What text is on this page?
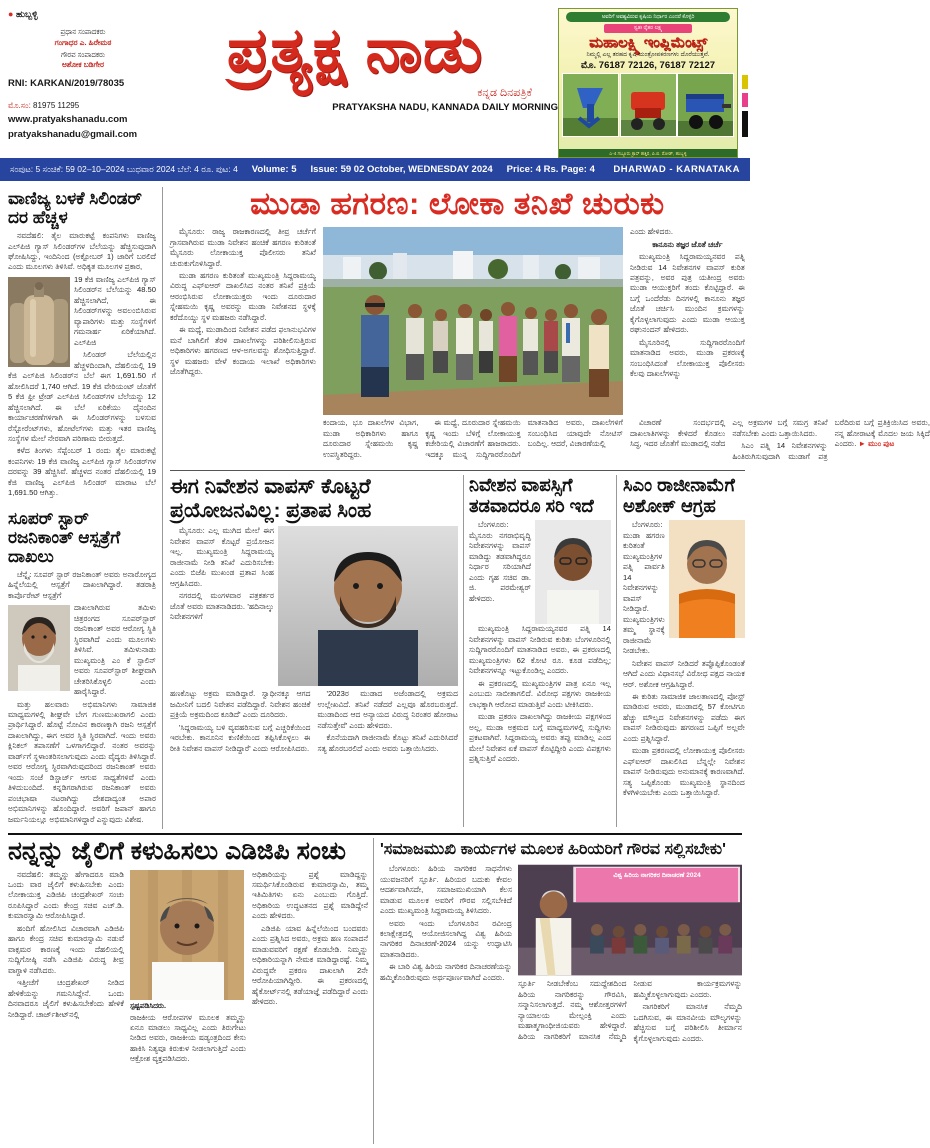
● ಹುಬ್ಬಳ್ಳಿ
ಪ್ರಧಾನ ಸಂಪಾದಕರು
ಗಂಗಾಧರ ಎ. ಹಿರೇಮಠ
ಗೌರವ ಸಂಪಾದಕರು
ಅಶೋಕ ಬಡಿಗೇರ
RNI: KARKAN/2019/78035
ಮೊ.ಸಂ: 81975 11295
www.pratyakshanadu.com
pratyakshanadu@gmail.com
ಪ್ರತ್ಯಕ್ಷ ನಾಡು
ಕನ್ನಡ ದಿನಪತ್ರಿಕೆ
PRATYAKSHA NADU, KANNADA DAILY MORNING
ಅವರಿಗೆ ಅವಶ್ಯವಿರುವ ಕೃಷಿಯ ನಿರ್ಧಾರ ಎಂದರೆ ಕೊಳ್ಳಿರಿ
ಸ್ವತಃ ರೈತರ ಲಕ್ಷ್ಯ
ಮಹಾಲಕ್ಷ್ಮಿ ಇಂಪ್ಲಿಮೆಂಟ್ಸ್
ನಿಮ್ಮಲ್ಲಿ ಎಲ್ಲ ತರಹದ ಕೃಷಿ ಯಂತ್ರೋಪಕರಣಗಳು ದೊರೆಯುತ್ತವೆ.
ಮೊ. 76187 72126, 76187 72127
ಎ-4 ಗಬ್ಬೂರು ಕ್ರಾಸ್ ಹತ್ತಿರ, ಪಿ.ಬಿ. ರೋಡ್, ಹುಬ್ಬಳ್ಳಿ
ಸಂಪುಟ: 5 ಸಂಚಿಕೆ: 59 02–10–2024 ಬುಧವಾರ 2024 ಬೆಲೆ: 4 ರೂ. ಪುಟ: 4 Volume: 5 Issue: 59 02 October, WEDNESDAY 2024 Price: 4 Rs. Page: 4 DHARWAD - KARNATAKA
ವಾಣಿಜ್ಯ ಬಳಕೆ ಸಿಲಿಂಡರ್ ದರ ಹೆಚ್ಚಳ

ನವದೆಹಲಿ: ತೈಲ ಮಾರುಕಟ್ಟೆ ಕಂಪನಿಗಳು ವಾಣಿಜ್ಯ ಎಲ್‌ಪಿಜಿ ಗ್ಯಾಸ್ ಸಿಲಿಂಡರ್‌ಗಳ ಬೆಲೆಯನ್ನು ಹೆಚ್ಚಿಸುವುದಾಗಿ ಘೋಷಿಸಿದ್ದು, ಇಂದಿನಿಂದ (ಅಕ್ಟೋಬರ್ 1) ಜಾರಿಗೆ ಬರಲಿದೆ ಎಂದು ಮೂಲಗಳು ತಿಳಿಸಿವೆ. ಅಧಿಕೃತ ಮೂಲಗಳ ಪ್ರಕಾರ,

19 ಕೆಜಿ ವಾಣಿಜ್ಯ ಎಲ್‌ಪಿಜಿ ಗ್ಯಾಸ್ ಸಿಲಿಂಡರ್‌ನ ಬೆಲೆಯನ್ನು 48.50 ಹೆಚ್ಚಿಸಲಾಗಿದೆ, ಈ ಸಿಲಿಂಡರ್‌ಗಳನ್ನು ಅವಲಂಬಿಸಿರುವ ವ್ಯಾಪಾರಿಗಳು ಮತ್ತು ಸಂಸ್ಥೆಗಳಿಗೆ ಗಮನಾರ್ಹ ಏರಿಕೆಯಾಗಿದೆ. ಎಲ್‌ಪಿಜಿ

ಸಿಲಿಂಡರ್ ಬೆಲೆಯಲ್ಲಿನ ಹೆಚ್ಚಳದಿಂದಾಗಿ, ದೆಹಲಿಯಲ್ಲಿ 19 ಕೆಜಿ ಎಲ್‌ಪಿಜಿ ಸಿಲಿಂಡರ್‌ನ ಬೆಲೆ ಈಗ 1,691.50 ಗೆ ಹೋಲಿಸಿದರೆ 1,740 ಆಗಿದೆ. 19 ಕೆಜಿ ವೇರಿಯಂಟ್ ಜೊತೆಗೆ 5 ಕೆಜಿ ಫ್ರೀ ಟ್ರೇಡ್ ಎಲ್‌ಪಿಜಿ ಸಿಲಿಂಡರ್‌ಗಳ ಬೆಲೆಯನ್ನು 12 ಹೆಚ್ಚಿಸಲಾಗಿದೆ. ಈ ಬೆಲೆ ಏರಿಕೆಯು ದೈನಂದಿನ ಕಾರ್ಯಾಚರಣೆಗಳಿಗಾಗಿ ಈ ಸಿಲಿಂಡರ್‌ಗಳನ್ನು ಬಳಸುವ ರೆಸ್ಟೋರೆಂಟ್‌ಗಳು, ಹೋಟೆಲ್‌ಗಳು ಮತ್ತು ಇತರ ವಾಣಿಜ್ಯ ಸಂಸ್ಥೆಗಳ ಮೇಲೆ ನೇರವಾಗಿ ಪರಿಣಾಮ ಬೀರುತ್ತದೆ.

ಕಳೆದ ತಿಂಗಳು ಸೆಪ್ಟೆಂಬರ್ 1 ರಂದು ತೈಲ ಮಾರುಕಟ್ಟೆ ಕಂಪನಿಗಳು 19 ಕೆಜಿ ವಾಣಿಜ್ಯ ಎಲ್‌ಪಿಜಿ ಗ್ಯಾಸ್ ಸಿಲಿಂಡರ್‌ಗಳ ದರವನ್ನು 39 ಹೆಚ್ಚಿಸಿವೆ. ಹೆಚ್ಚಳದ ನಂತರ ದೆಹಲಿಯಲ್ಲಿ 19 ಕೆಜಿ ವಾಣಿಜ್ಯ ಎಲ್‌ಪಿಜಿ ಸಿಲಿಂಡರ್ ಮಾರಾಟ ಬೆಲೆ 1,691.50 ಆಗಿತ್ತು.

ಸೂಪರ್ ಸ್ಟಾರ್ ರಜನಿಕಾಂತ್ ಆಸ್ಪತ್ರೆಗೆ ದಾಖಲು

ಚೆನ್ನೈ: ಸೂಪರ್ ಸ್ಟಾರ್ ರಜನಿಕಾಂತ್ ಅವರು ಅನಾರೋಗ್ಯದ ಹಿನ್ನೆಲೆಯಲ್ಲಿ ಆಸ್ಪತ್ರೆಗೆ ದಾಖಲಾಗಿದ್ದಾರೆ. ತಡರಾತ್ರಿ ಕಾರ್ಪೊರೇಟ್ ಆಸ್ಪತ್ರೆಗೆ

ದಾಖಲಾಗಿರುವ ತಮಿಳು ಚಿತ್ರರಂಗದ ಸೂಪರ್‌ಸ್ಟಾರ್ ರಜನಿಕಾಂತ್ ಅವರ ಆರೋಗ್ಯ ಸ್ಥಿತಿ ಸ್ಥಿರವಾಗಿದೆ ಎಂದು ಮೂಲಗಳು ತಿಳಿಸಿವೆ. ತಮಿಳುನಾಡು ಮುಖ್ಯಮಂತ್ರಿ ಎಂ ಕೆ ಸ್ಟಾಲಿನ್ ಅವರು ಸೂಪರ್‌ಸ್ಟಾರ್ ಶೀಘ್ರವಾಗಿ ಚೇತರಿಸಿಕೊಳ್ಳಲಿ ಎಂದು ಹಾರೈಸಿದ್ದಾರೆ.

ಮತ್ತು ಹಲವಾರು ಅಭಿಮಾನಿಗಳು ಸಾಮಾಜಿಕ ಮಾಧ್ಯಮಗಳಲ್ಲಿ ಶೀಘ್ರವೇ ಬೇಗ ಗುಣಮುಖರಾಗಲಿ ಎಂದು ಪ್ರಾರ್ಥಿಸಿದ್ದಾರೆ. ಹೊಟ್ಟೆ ನೋವಿನ ಕಾರಣಕ್ಕಾಗಿ ರಜನಿ ಆಸ್ಪತ್ರೆಗೆ ದಾಖಲಾಗಿದ್ದು, ಈಗ ಅವರ ಸ್ಥಿತಿ ಸ್ಥಿರವಾಗಿದೆ. ಇಂದು ಅವರು ಕ್ಲಿನಿಕಲ್ ತಪಾಸಣೆಗೆ ಒಳಗಾಗಲಿದ್ದಾರೆ. ನಂತರ ಅವರನ್ನು ವಾರ್ಡ್‌ಗೆ ಸ್ಥಳಾಂತರಿಸಲಾಗುವುದು ಎಂದು ವೈದ್ಯರು ತಿಳಿಸಿದ್ದಾರೆ. ಅವರ ಆರೋಗ್ಯ ಸ್ಥಿರವಾಗಿರುವುದರಿಂದ ರಜನಿಕಾಂತ್ ಅವರು ಇಂದು ಸಂಜೆ ಡಿಸ್ಚಾರ್ಜ್ ಆಗುವ ಸಾಧ್ಯತೆಗಳಿವೆ ಎಂದು ತಿಳಿದುಬಂದಿದೆ. ಕನ್ನಡಿಗರಾಗಿರುವ ರಜನಿಕಾಂತ್ ಅವರು ಪಂಚಭಾಷಾ ನಟರಾಗಿದ್ದು ದೇಶದಾದ್ಯಂತ ಅಪಾರ ಅಭಿಮಾನಿಗಳನ್ನು ಹೊಂದಿದ್ದಾರೆ. ಅವರಿಗೆ ಜಪಾನ್ ಹಾಗೂ ಜರ್ಮನಿಯಲ್ಲೂ ಅಭಿಮಾನಿಗಳಿದ್ದಾರೆ ಎನ್ನುವುದು ವಿಶೇಷ.

ಮುಡಾ ಹಗರಣ: ಲೋಕಾ ತನಿಖೆ ಚುರುಕು

ಮೈಸೂರು: ರಾಜ್ಯ ರಾಜಕಾರಣದಲ್ಲಿ ತೀವ್ರ ಚರ್ಚೆಗೆ ಗ್ರಾಸವಾಗಿರುವ ಮುಡಾ ನಿವೇಶನ ಹಂಚಿಕೆ ಹಗರಣ ಕುರಿತಂತೆ ಮೈಸೂರು ಲೋಕಾಯುಕ್ತ ಪೊಲೀಸರು ತನಿಖೆ ಚುರುಕುಗೊಳಿಸಿದ್ದಾರೆ.

ಮುಡಾ ಹಗರಣ ಕುರಿತಂತೆ ಮುಖ್ಯಮಂತ್ರಿ ಸಿದ್ದರಾಮಯ್ಯ ವಿರುದ್ಧ ಎಫ್‌ಐಆರ್ ದಾಖಲಿಸಿದ ನಂತರ ತನಿಖೆ ಪ್ರಕ್ರಿಯೆ ಆರಂಭಿಸಿರುವ ಲೋಕಾಯುಕ್ತರು ಇಂದು ದೂರುದಾರ ಸ್ನೇಹಮಯಿ ಕೃಷ್ಣ ಅವರನ್ನು ಮುಡಾ ನಿವೇಶನದ ಸ್ಥಳಕ್ಕೆ ಕರೆದೊಯ್ದು ಸ್ಥಳ ಮಹಜರು ನಡೆಸಿದ್ದಾರೆ.

ಈ ಮಧ್ಯೆ, ಮುಡಾದಿಂದ ನಿವೇಶನ ಪಡೆದ ಫಲಾನುಭವಿಗಳ ಮನೆ ಬಾಗಿಲಿಗೆ ತೆರಳಿ ದಾಖಲೆಗಳನ್ನು ಪರಿಶೀಲಿಸುತ್ತಿರುವ ಅಧಿಕಾರಿಗಳು ಹಗರಣದ ಆಳ-ಅಗಲವನ್ನು ಶೋಧಿಸುತ್ತಿದ್ದಾರೆ. ಸ್ಥಳ ಮಹಜರು ವೇಳೆ ಕಂದಾಯ ಇಲಾಖೆ ಅಧಿಕಾರಿಗಳು ಜೊತೆಗಿದ್ದರು.

ಕಂದಾಯ, ಭೂ ದಾಖಲೆಗಳ ವಿಭಾಗ, ಮುಡಾ ಅಧಿಕಾರಿಗಳು ಹಾಗೂ ದೂರುದಾರ ಸ್ನೇಹಮಯಿ ಕೃಷ್ಣ ಉಪಸ್ಥಿತರಿದ್ದರು.

ಈ ಮಧ್ಯೆ, ದೂರುದಾರ ಸ್ನೇಹಮಯಿ ಕೃಷ್ಣ ಇಂದು ಬೆಳಿಗ್ಗೆ ಲೋಕಾಯುಕ್ತ ಕಚೇರಿಯಲ್ಲಿ ವಿಚಾರಣೆಗೆ ಹಾಜರಾದರು. ಇದಕ್ಕೂ ಮುನ್ನ ಸುದ್ದಿಗಾರರೊಂದಿಗೆ ಮಾತನಾಡಿದ ಅವರು, ದಾಖಲೆಗಳಿಗೆ ಸಂಬಂಧಿಸಿದ ಯಾವುದೇ ನೋಟಿಸ್ ಬಂದಿಲ್ಲ. ಆದರೆ, ವಿಚಾರಣೆಯಲ್ಲಿ

ವಿಚಾರಣೆ ಸಂದರ್ಭದಲ್ಲಿ ದಾಖಲಾತಿಗಳನ್ನು ಕೇಳಿದರೆ ಕೊಡಲು ಸಿದ್ಧ, ಇದರ ಜೊತೆಗೆ ಮುಡಾದಲ್ಲಿ ನಡೆದ ಎಲ್ಲ ಅಕ್ರಮಗಳ ಬಗ್ಗೆ ಸಮಗ್ರ ತನಿಖೆ ನಡೆಸಬೇಕು ಎಂದು ಒತ್ತಾಯಿಸಿದರು.

ಸಿಎಂ ಪತ್ನಿ 14 ನಿವೇಶನಗಳನ್ನು ಹಿಂತಿರುಗಿಸುವುದಾಗಿ ಮುಡಾಗೆ ಪತ್ರ ಬರೆದಿರುವ ಬಗ್ಗೆ ಪ್ರತಿಕ್ರಿಯಿಸಿದ ಅವರು, ನನ್ನ ಹೋರಾಟಕ್ಕೆ ಮೊದಲ ಜಯ ಸಿಕ್ಕಿದೆ ಎಂದರು. ► ಮುಂ ಪುಟ

ಎಂದು ಹೇಳಿದರು.

ಕಾನೂನು ತಜ್ಞರ ಜೊತೆ ಚರ್ಚೆ

ಮುಖ್ಯಮಂತ್ರಿ ಸಿದ್ದರಾಮಯ್ಯನವರ ಪತ್ನಿ ನೀಡಿರುವ 14 ನಿವೇಶನಗಳ ವಾಪಸ್ ಕುರಿತ ಪತ್ರವನ್ನು, ಅವರ ಪುತ್ರ ಯತೀಂದ್ರ ಅವರು ಮುಡಾ ಆಯುಕ್ತರಿಗೆ ತಂದು ಕೊಟ್ಟಿದ್ದಾರೆ. ಈ ಬಗ್ಗೆ ಒಂದೆರೆಡು ದಿನಗಳಲ್ಲಿ ಕಾನೂನು ತಜ್ಞರ ಜೊತೆ ಚರ್ಚಿಸಿ ಮುಂದಿನ ಕ್ರಮಗಳನ್ನು ಕೈಗೊಳ್ಳಲಾಗುವುದು ಎಂದು ಮುಡಾ ಆಯುಕ್ತ ರಘುನಂದನ್ ಹೇಳಿದರು.

ಮೈಸೂರಿನಲ್ಲಿ ಸುದ್ದಿಗಾರರೊಂದಿಗೆ ಮಾತನಾಡಿದ ಅವರು, ಮುಡಾ ಪ್ರಕರಣಕ್ಕೆ ಸಂಬಂಧಿಸಿದಂತೆ ಲೋಕಾಯುಕ್ತ ಪೊಲೀಸರು ಕೆಲವು ದಾಖಲೆಗಳನ್ನು

ಈಗ ನಿವೇಶನ ವಾಪಸ್ ಕೊಟ್ಟರೆ ಪ್ರಯೋಜನವಿಲ್ಲ: ಪ್ರತಾಪ ಸಿಂಹ

ಮೈಸೂರು: ಎಲ್ಲ ಮುಗಿದ ಮೇಲೆ ಈಗ ನಿವೇಶನ ವಾಪಸ್ ಕೊಟ್ಟರೆ ಪ್ರಯೋಜನ ಇಲ್ಲ. ಮುಖ್ಯಮಂತ್ರಿ ಸಿದ್ದರಾಮಯ್ಯ ರಾಜೀನಾಮೆ ನೀಡಿ ತನಿಖೆ ಎದುರಿಸಬೇಕು ಎಂದು ಬಿಜೆಪಿ ಮುಖಂಡ ಪ್ರತಾಪ ಸಿಂಹ ಆಗ್ರಹಿಸಿದರು.

ನಗರದಲ್ಲಿ ಮಂಗಳವಾರ ಪತ್ರಕರ್ತರ ಜೊತೆ ಅವರು ಮಾತನಾಡಿದರು. 'ಹದಿನಾಲ್ಕು ನಿವೇಶನಗಳಿಗೆ

ಹಣಕೊಟ್ಟು ಅಕ್ರಮ ಮಾಡಿದ್ದಾರೆ. ಸ್ವಾಧೀನಕ್ಕೂ ಆಗದ ಜಮೀನಿಗೆ ಬದಲಿ ನಿವೇಶನ ಪಡೆದಿದ್ದಾರೆ. ನಿವೇಶನ ಹಂಚಿಕೆ ಪ್ರಕ್ರಿಯೆ ಅಕ್ರಮದಿಂದ ಕೂಡಿದೆ' ಎಂದು ದೂರಿದರು.

'ಸಿದ್ದರಾಮಯ್ಯ ಬಳಿ ವ್ಯವಹರಿಸುವ ಬಗ್ಗೆ ಎಚ್ಚರಿಕೆಯಿಂದ ಇರಬೇಕು. ಕಾನೂನಿನ ಕುಣಿಕೆಯಿಂದ ತಪ್ಪಿಸಿಕೊಳ್ಳಲು ಈ ರೀತಿ ನಿವೇಶನ ವಾಪಸ್ ನೀಡಿದ್ದಾರೆ' ಎಂದು ಆರೋಪಿಸಿದರು.

'2023ರ ಮುಡಾದ ಅಜೆಂಡಾದಲ್ಲಿ ಅಕ್ರಮದ ಉಲ್ಲೇಖವಿದೆ. ತನಿಖೆ ನಡೆದರೆ ಎಲ್ಲವೂ ಹೊರಬರುತ್ತದೆ. ಮುಡಾದಿಂದ ಆದ ಅನ್ಯಾಯದ ವಿರುದ್ಧ ನಿರಂತರ ಹೋರಾಟ ನಡೆಸುತ್ತೇವೆ' ಎಂದು ಹೇಳಿದರು.

ಕೊನೆಯದಾಗಿ ರಾಜೀನಾಮೆ ಕೊಟ್ಟು ತನಿಖೆ ಎದುರಿಸಿದರೆ ಸತ್ಯ ಹೊರಬರಲಿದೆ ಎಂದು ಅವರು ಒತ್ತಾಯಿಸಿದರು.

ನಿವೇಶನ ವಾಪಸ್ಸಿಗೆ ತಡವಾದರೂ ಸರಿ ಇದೆ

ಬೆಂಗಳೂರು: ಮೈಸೂರು ನಗರಾಭಿವೃದ್ಧಿ ನಿವೇಶನಗಳನ್ನು ವಾಪಸ್ ಮಾಡಿದ್ದು ತಡವಾಗಿದ್ದರೂ ನಿರ್ಧಾರ ಸರಿಯಾಗಿದೆ ಎಂದು ಗೃಹ ಸಚಿವ ಡಾ. ಜಿ. ಪರಮೇಶ್ವರ್ ಹೇಳಿದರು.

ಮುಖ್ಯಮಂತ್ರಿ ಸಿದ್ದರಾಮಯ್ಯನವರ ಪತ್ನಿ 14 ನಿವೇಶನಗಳನ್ನು ವಾಪಸ್ ನೀಡಿರುವ ಕುರಿತು ಬೆಂಗಳೂರಿನಲ್ಲಿ ಸುದ್ದಿಗಾರರೊಂದಿಗೆ ಮಾತನಾಡಿದ ಅವರು, ಈ ಪ್ರಕರಣದಲ್ಲಿ ಮುಖ್ಯಮಂತ್ರಿಗಳು 62 ಕೋಟಿ ರೂ. ಕೂಡ ಪಡೆದಿಲ್ಲ; ನಿವೇಶನಗಳನ್ನೂ ಇಟ್ಟುಕೊಂಡಿಲ್ಲ ಎಂದರು.

ಈ ಪ್ರಕರಣದಲ್ಲಿ ಮುಖ್ಯಮಂತ್ರಿಗಳ ಪಾತ್ರ ಏನೂ ಇಲ್ಲ ಎಂಬುದು ಸಾಬೀತಾಗಲಿದೆ. ವಿರೋಧ ಪಕ್ಷಗಳು ರಾಜಕೀಯ ಲಾಭಕ್ಕಾಗಿ ಆರೋಪ ಮಾಡುತ್ತಿವೆ ಎಂದು ಟೀಕಿಸಿದರು.

ಮುಡಾ ಪ್ರಕರಣ ದಾಖಲಾಗಿದ್ದು ರಾಜಕೀಯ ಪಕ್ಷಗಳಿಂದ ಅಲ್ಲ, ಮುಡಾ ಅಕ್ರಮದ ಬಗ್ಗೆ ಮಾಧ್ಯಮಗಳಲ್ಲಿ ಸುದ್ದಿಗಳು ಪ್ರಕಟವಾಗಿವೆ. ಸಿದ್ದರಾಮಯ್ಯ ಅವರು ತಪ್ಪು ಮಾಡಿಲ್ಲ ಎಂದ ಮೇಲೆ ನಿವೇಶನ ಏಕೆ ವಾಪಸ್ ಕೊಟ್ಟಿದ್ದೀರಿ ಎಂದು ವಿಪಕ್ಷಗಳು ಪ್ರಶ್ನಿಸುತ್ತಿವೆ ಎಂದರು.

ಸಿಎಂ ರಾಜೀನಾಮೆಗೆ ಅಶೋಕ್ ಆಗ್ರಹ

ಬೆಂಗಳೂರು: ಮುಡಾ ಹಗರಣ ಕುರಿತಂತೆ ಮುಖ್ಯಮಂತ್ರಿಗಳ ಪತ್ನಿ ಪಾರ್ವತಿ 14 ನಿವೇಶನಗಳನ್ನು ವಾಪಸ್ ನೀಡಿದ್ದಾರೆ. ಮುಖ್ಯಮಂತ್ರಿಗಳು ತಮ್ಮ ಸ್ಥಾನಕ್ಕೆ ರಾಜೀನಾಮೆ ನೀಡಬೇಕು.

ನಿವೇಶನ ವಾಪಸ್ ನೀಡಿದರೆ ತಪ್ಪೊಪ್ಪಿಕೊಂಡಂತೆ ಆಗಿದೆ ಎಂದು ವಿಧಾನಸಭೆ ವಿರೋಧ ಪಕ್ಷದ ನಾಯಕ ಆರ್. ಅಶೋಕ ಆಗ್ರಹಿಸಿದ್ದಾರೆ.

ಈ ಕುರಿತು ಸಾಮಾಜಿಕ ಜಾಲತಾಣದಲ್ಲಿ ಪೋಸ್ಟ್ ಮಾಡಿರುವ ಅವರು, ಮುಡಾದಲ್ಲಿ 57 ಕೋಟಿಗೂ ಹೆಚ್ಚು ಮೌಲ್ಯದ ನಿವೇಶನಗಳನ್ನು ಪಡೆದು ಈಗ ವಾಪಸ್ ನೀಡಿರುವುದು ಹಗರಣದ ಒಪ್ಪಿಗೆ ಅಲ್ಲವೇ ಎಂದು ಪ್ರಶ್ನಿಸಿದ್ದಾರೆ.

ಮುಡಾ ಪ್ರಕರಣದಲ್ಲಿ ಲೋಕಾಯುಕ್ತ ಪೊಲೀಸರು ಎಫ್‌ಐಆರ್ ದಾಖಲಿಸಿದ ಬೆನ್ನಲ್ಲೇ ನಿವೇಶನ ವಾಪಸ್ ನೀಡಿರುವುದು ಅನುಮಾನಕ್ಕೆ ಕಾರಣವಾಗಿದೆ. ಸತ್ಯ ಒಪ್ಪಿಕೊಂಡು ಮುಖ್ಯಮಂತ್ರಿ ಸ್ಥಾನದಿಂದ ಕೆಳಗಿಳಿಯಬೇಕು ಎಂದು ಒತ್ತಾಯಿಸಿದ್ದಾರೆ.

ನನ್ನನ್ನು ಜೈಲಿಗೆ ಕಳುಹಿಸಲು ಎಡಿಜಿಪಿ ಸಂಚು

ನವದೆಹಲಿ: ತಮ್ಮನ್ನು ಹೇಗಾದರೂ ಮಾಡಿ ಒಂದು ವಾರ ಜೈಲಿಗೆ ಕಳುಹಿಸಬೇಕು ಎಂದು ಲೋಕಾಯುಕ್ತ ಎಡಿಜಿಪಿ ಚಂದ್ರಶೇಖರ್ ಸಂಚು ರೂಪಿಸಿದ್ದಾರೆ ಎಂದು ಕೇಂದ್ರ ಸಚಿವ ಎಚ್.ಡಿ. ಕುಮಾರಸ್ವಾಮಿ ಆರೋಪಿಸಿದ್ದಾರೆ.

ಹಂದಿಗೆ ಹೋಲಿಸಿದ ವಿಚಾರವಾಗಿ ಎಡಿಜಿಪಿ ಹಾಗೂ ಕೇಂದ್ರ ಸಚಿವ ಕುಮಾರಸ್ವಾಮಿ ನಡುವೆ ವಾಕ್ಸಮರ ಕಾರಣಕ್ಕೆ ಇಂದು ದೆಹಲಿಯಲ್ಲಿ ಸುದ್ದಿಗೋಷ್ಠಿ ನಡೆಸಿ ಎಡಿಜಿಪಿ ವಿರುದ್ಧ ತೀವ್ರ ವಾಗ್ದಾಳಿ ನಡೆಸಿದರು.

ಇತ್ತೀಚೆಗೆ ಚಂದ್ರಶೇಖರ್ ನೀಡಿದ ಹೇಳಿಕೆಯನ್ನು ಗಮನಿಸಿದ್ದೇನೆ. ಒಂದು ದಿನವಾದರೂ ಜೈಲಿಗೆ ಕಳುಹಿಸಬೇಕೆಂದು ಹೇಳಿಕೆ ನೀಡಿದ್ದಾರೆ. ಚಾರ್ಜ್‌ಶೀಟ್‌ನಲ್ಲಿ

ಸ್ಪಷ್ಟಪಡಿಸಿದರು.

ರಾಜಕೀಯ ಆರೋಪಗಳ ಮೂಲಕ ತಮ್ಮನ್ನು ಏನೂ ಮಾಡಲು ಸಾಧ್ಯವಿಲ್ಲ ಎಂದು ತಿರುಗೇಟು ನೀಡಿದ ಅವರು, ರಾಜಕೀಯ ಷಡ್ಯಂತ್ರದಿಂದ ಕೇಸು ಹಾಕಿಸಿ ನಿತ್ಯವೂ ಕಿರುಕುಳ ನೀಡಲಾಗುತ್ತಿದೆ ಎಂದು ಆಕ್ರೋಶ ವ್ಯಕ್ತಪಡಿಸಿದರು.

ಅಧಿಕಾರಿಯನ್ನು ಪ್ರಶ್ನೆ ಮಾಡಿದ್ದನ್ನು ಸಮರ್ಥಿಸಿಕೊಂಡಿರುವ ಕುಮಾರಸ್ವಾಮಿ, ತಮ್ಮ ಇತಿಮಿತಿಗಳು ಏನು ಎಂಬುದು ಗೊತ್ತಿದೆ. ಅಧಿಕಾರಿಯ ಉದ್ಧಟತನದ ಪ್ರಶ್ನೆ ಮಾಡಿದ್ದೇನೆ ಎಂದು ಹೇಳಿದರು.

ಎಡಿಜಿಪಿ ಯಾವ ಹಿನ್ನೆಲೆಯಿಂದ ಬಂದವರು ಎಂದು ಪ್ರಶ್ನಿಸಿದ ಅವರು, ಅಕ್ರಮ ಹಣ ಸಂಪಾದನೆ ಮಾಡುವವರಿಗೆ ರಕ್ಷಣೆ ಕೊಡಬೇಡಿ. ನಿಮ್ಮನ್ನು ಅಧಿಕಾರಿಯನ್ನಾಗಿ ನೇಮಕ ಮಾಡಿದ್ದಾರಷ್ಟೆ. ನಿಮ್ಮ ವಿರುದ್ಧವೇ ಪ್ರಕರಣ ದಾಖಲಾಗಿ 2ನೇ ಆರೋಪಿಯಾಗಿದ್ದೀರಿ. ಈ ಪ್ರಕರಣದಲ್ಲಿ ಹೈಕೋರ್ಟ್‌ನಲ್ಲಿ ತಡೆಯಾಜ್ಞೆ ಪಡೆದಿದ್ದಾರೆ ಎಂದು ಹೇಳಿದರು.

'ಸಮಾಜಮುಖಿ ಕಾರ್ಯಗಳ ಮೂಲಕ ಹಿರಿಯರಿಗೆ ಗೌರವ ಸಲ್ಲಿಸಬೇಕು'

ಬೆಂಗಳೂರು: ಹಿರಿಯ ನಾಗರಿಕರ ಸಾಧನೆಗಳು ಯುವಜನರಿಗೆ ಸ್ಫೂರ್ತಿ. ಹಿರಿಯರ ಬದುಕು ಕೇವಲ ಆದರ್ಶವಾಗಿಸದೇ, ಸಮಾಜಮುಖಿಯಾಗಿ ಕೆಲಸ ಮಾಡುವ ಮೂಲಕ ಅವರಿಗೆ ಗೌರವ ಸಲ್ಲಿಸಬೇಕಿದೆ ಎಂದು ಮುಖ್ಯಮಂತ್ರಿ ಸಿದ್ದರಾಮಯ್ಯ ತಿಳಿಸಿದರು.

ಅವರು ಇಂದು ಬೆಂಗಳೂರಿನ ರವೀಂದ್ರ ಕಲಾಕ್ಷೇತ್ರದಲ್ಲಿ ಆಯೋಜಿಸಲಾಗಿದ್ದ ವಿಶ್ವ ಹಿರಿಯ ನಾಗರಿಕರ ದಿನಾಚರಣೆ-2024 ಯನ್ನು ಉದ್ಘಾಟಿಸಿ ಮಾತನಾಡಿದರು.

ಈ ಬಾರಿ ವಿಶ್ವ ಹಿರಿಯ ನಾಗರಿಕರ ದಿನಾಚರಣೆಯನ್ನು ಹಮ್ಮಿಕೊಂಡಿರುವುದು ಅರ್ಥಪೂರ್ಣವಾಗಿದೆ ಎಂದರು.

ವಿಶ್ವ ಹಿರಿಯ ನಾಗರಿಕರ ದಿನಾಚರಣೆ 2024

ಸ್ಫೂರ್ತಿ ನೀಡಬೇಕೆಂಬ ಸದುದ್ದೇಶದಿಂದ ಹಿರಿಯ ನಾಗರಿಕರನ್ನು ಗೌರವಿಸಿ, ಸನ್ಮಾನಿಸಲಾಗುತ್ತದೆ. ನಮ್ಮ ಆಶೋತ್ತರಗಳಿಗೆ ನ್ಯಾಯಾಲಯ ಮೇಲ್ಪಂಕ್ತಿ ಎಂದು ಮಹಾತ್ಮಗಾಂಧೀಜಿಯವರು ಹೇಳಿದ್ದಾರೆ. ಹಿರಿಯ ನಾಗರಿಕರಿಗೆ ಮಾನಸಿಕ ನೆಮ್ಮದಿ ನೀಡುವ ಕಾರ್ಯಕ್ರಮಗಳನ್ನು ಹಮ್ಮಿಕೊಳ್ಳಲಾಗುವುದು ಎಂದರು.

ನಾಗರಿಕರಿಗೆ ಮಾನಸಿಕ ನೆಮ್ಮದಿ ಒದಗಿಸುವ, ಈ ಮಾನವೀಯ ಮೌಲ್ಯಗಳನ್ನು ಹೆಚ್ಚಿಸುವ ಬಗ್ಗೆ ಪರಿಶೀಲಿಸಿ ತೀರ್ಮಾನ ಕೈಗೊಳ್ಳಲಾಗುವುದು ಎಂದರು.
